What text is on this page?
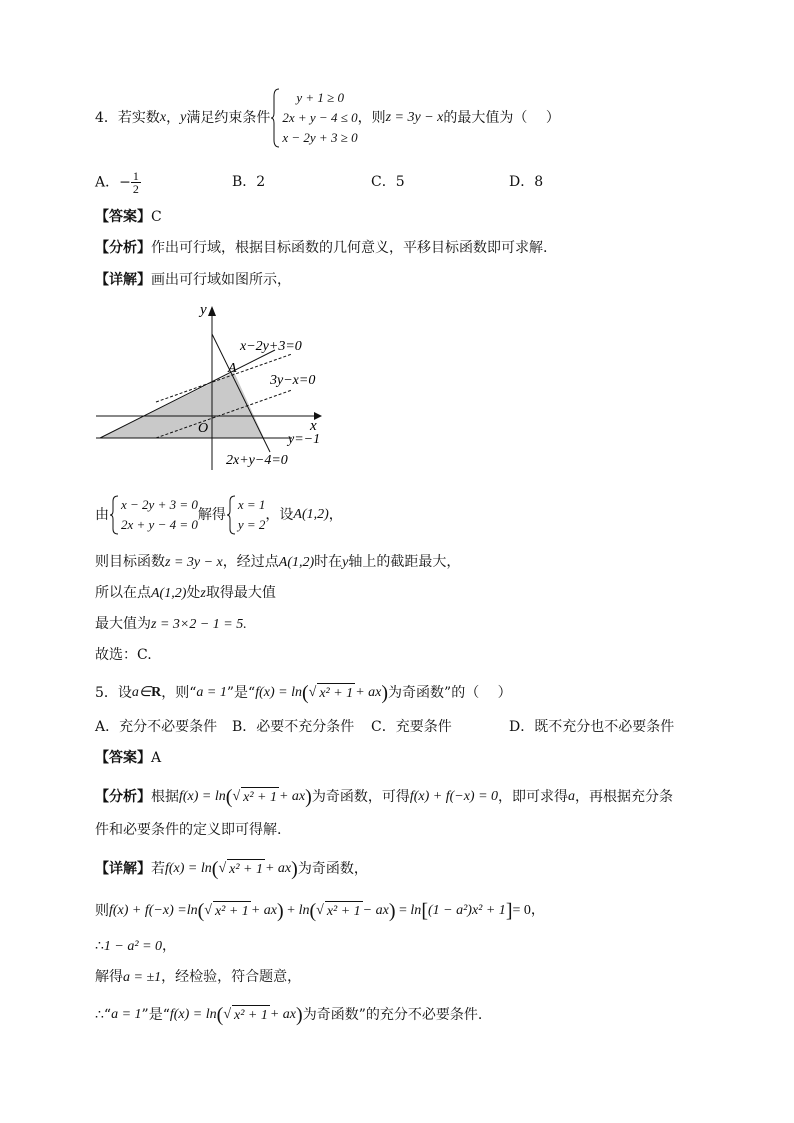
4． 若实数 x ， y 满足约束条件
y + 1 ≥ 0
2x + y − 4 ≤ 0
x − 2y + 3 ≥ 0
，则 z = 3y − x 的最大值为（　 ）
A．− $\frac{1}{2}$	B．2	C．5	D．8
【答案】C
【分析】作出可行域，根据目标函数的几何意义，平移目标函数即可求解.
【详解】画出可行域如图所示，
y
x
O
A
x−2y+3=0
3y−x=0
y=−1
2x+y−4=0
由
x − 2y + 3 = 0
2x + y − 4 = 0
解得
x = 1
y = 2
，设 A(1,2) ，
则目标函数z = 3y − x，经过点A(1,2)时在y轴上的截距最大，
所以在点A(1,2)处z取得最大值
最大值为z = 3×2 − 1 = 5.
故选：C.
5． 设 a∈ R ，则“ a = 1 ”是“ f(x) = ln ( √ x² + 1 + ax ) 为奇函数”的（　 ）
A．充分不必要条件 B．必要不充分条件 C．充要条件	D．既不充分也不必要条件
【答案】A
【分析】 根据 f(x) = ln ( √ x² + 1 + ax ) 为奇函数，可得 f(x) + f(−x) = 0 ，即可求得 a ，再根据充分条
件和必要条件的定义即可得解.
【详解】 若 f(x) = ln ( √ x² + 1 + ax ) 为奇函数，
则 f(x) + f(−x) = ln ( √ x² + 1 + ax ) + ln ( √ x² + 1 − ax ) = ln [ (1 − a²)x² + 1 ] = 0，
∴1 − a² = 0，
解得a = ±1，经检验，符合题意，
∴ “ a = 1 ”是“ f(x) = ln ( √ x² + 1 + ax ) 为奇函数”的充分不必要条件.
